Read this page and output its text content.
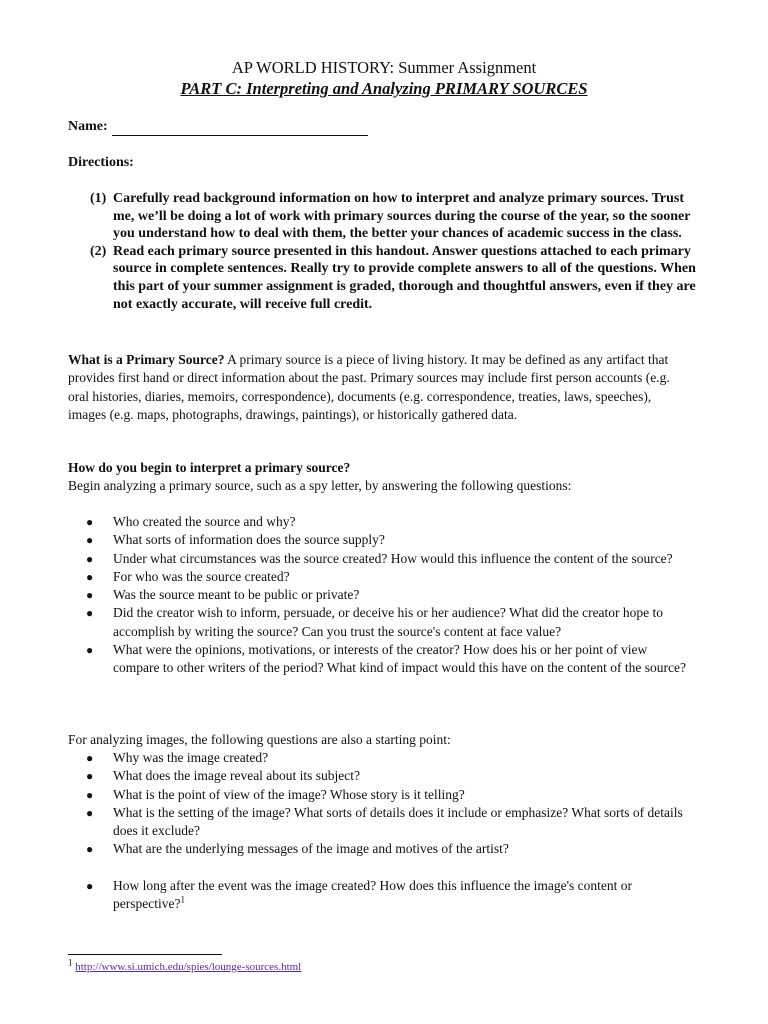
AP WORLD HISTORY: Summer Assignment
PART C: Interpreting and Analyzing PRIMARY SOURCES
Name:
Directions:
(1) Carefully read background information on how to interpret and analyze primary sources. Trust me, we’ll be doing a lot of work with primary sources during the course of the year, so the sooner you understand how to deal with them, the better your chances of academic success in the class.
(2) Read each primary source presented in this handout. Answer questions attached to each primary source in complete sentences. Really try to provide complete answers to all of the questions. When this part of your summer assignment is graded, thorough and thoughtful answers, even if they are not exactly accurate, will receive full credit.
What is a Primary Source? A primary source is a piece of living history. It may be defined as any artifact that provides first hand or direct information about the past. Primary sources may include first person accounts (e.g. oral histories, diaries, memoirs, correspondence), documents (e.g. correspondence, treaties, laws, speeches), images (e.g. maps, photographs, drawings, paintings), or historically gathered data.
How do you begin to interpret a primary source?
Begin analyzing a primary source, such as a spy letter, by answering the following questions:
●	Who created the source and why?
●	What sorts of information does the source supply?
●	Under what circumstances was the source created? How would this influence the content of the source?
●	For who was the source created?
●	Was the source meant to be public or private?
●	Did the creator wish to inform, persuade, or deceive his or her audience? What did the creator hope to accomplish by writing the source? Can you trust the source's content at face value?
●	What were the opinions, motivations, or interests of the creator? How does his or her point of view compare to other writers of the period? What kind of impact would this have on the content of the source?
For analyzing images, the following questions are also a starting point:
●	Why was the image created?
●	What does the image reveal about its subject?
●	What is the point of view of the image? Whose story is it telling?
●	What is the setting of the image? What sorts of details does it include or emphasize? What sorts of details does it exclude?
●	What are the underlying messages of the image and motives of the artist?
●	How long after the event was the image created? How does this influence the image's content or perspective?$^1$
$^1$ http://www.si.umich.edu/spies/lounge-sources.html
